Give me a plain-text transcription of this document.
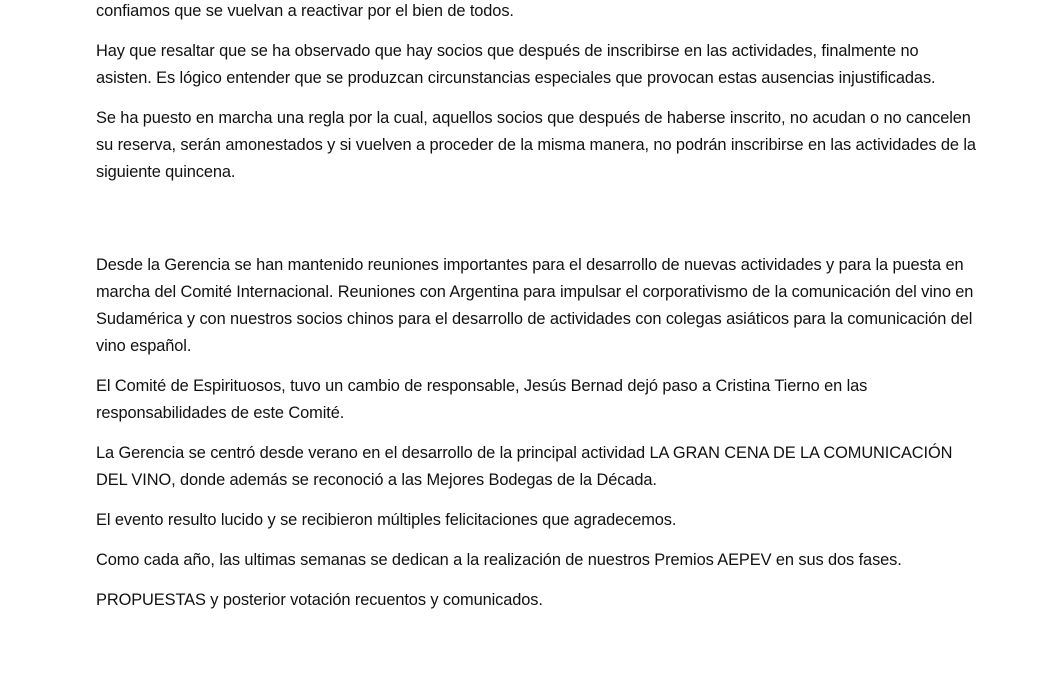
confiamos que se vuelvan a reactivar por el bien de todos.

Hay que resaltar que se ha observado que hay socios que después de inscribirse en las actividades, finalmente no asisten. Es lógico entender que se produzcan circunstancias especiales que provocan estas ausencias injustificadas.

Se ha puesto en marcha una regla por la cual, aquellos socios que después de haberse inscrito, no acudan o no cancelen su reserva, serán amonestados y si vuelven a proceder de la misma manera, no podrán inscribirse en las actividades de la siguiente quincena.

Desde la Gerencia se han mantenido reuniones importantes para el desarrollo de nuevas actividades y para la puesta en marcha del Comité Internacional. Reuniones con Argentina para impulsar el corporativismo de la comunicación del vino en Sudamérica y con nuestros socios chinos para el desarrollo de actividades con colegas asiáticos para la comunicación del vino español.

El Comité de Espirituosos, tuvo un cambio de responsable, Jesús Bernad dejó paso a Cristina Tierno en las responsabilidades de este Comité.

La Gerencia se centró desde verano en el desarrollo de la principal actividad LA GRAN CENA DE LA COMUNICACIÓN DEL VINO, donde además se reconoció a las Mejores Bodegas de la Década.

El evento resulto lucido y se recibieron múltiples felicitaciones que agradecemos.

Como cada año, las ultimas semanas se dedican a la realización de nuestros Premios AEPEV en sus dos fases.

PROPUESTAS y posterior votación recuentos y comunicados.
